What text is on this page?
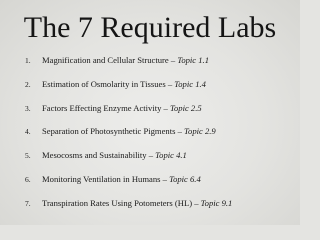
The 7 Required Labs
1.	Magnification and Cellular Structure – Topic 1.1
2.	Estimation of Osmolarity in Tissues – Topic 1.4
3.	Factors Effecting Enzyme Activity – Topic 2.5
4.	Separation of Photosynthetic Pigments – Topic 2.9
5.	Mesocosms and Sustainability – Topic 4.1
6.	Monitoring Ventilation in Humans – Topic 6.4
7.	Transpiration Rates Using Potometers (HL) – Topic 9.1
